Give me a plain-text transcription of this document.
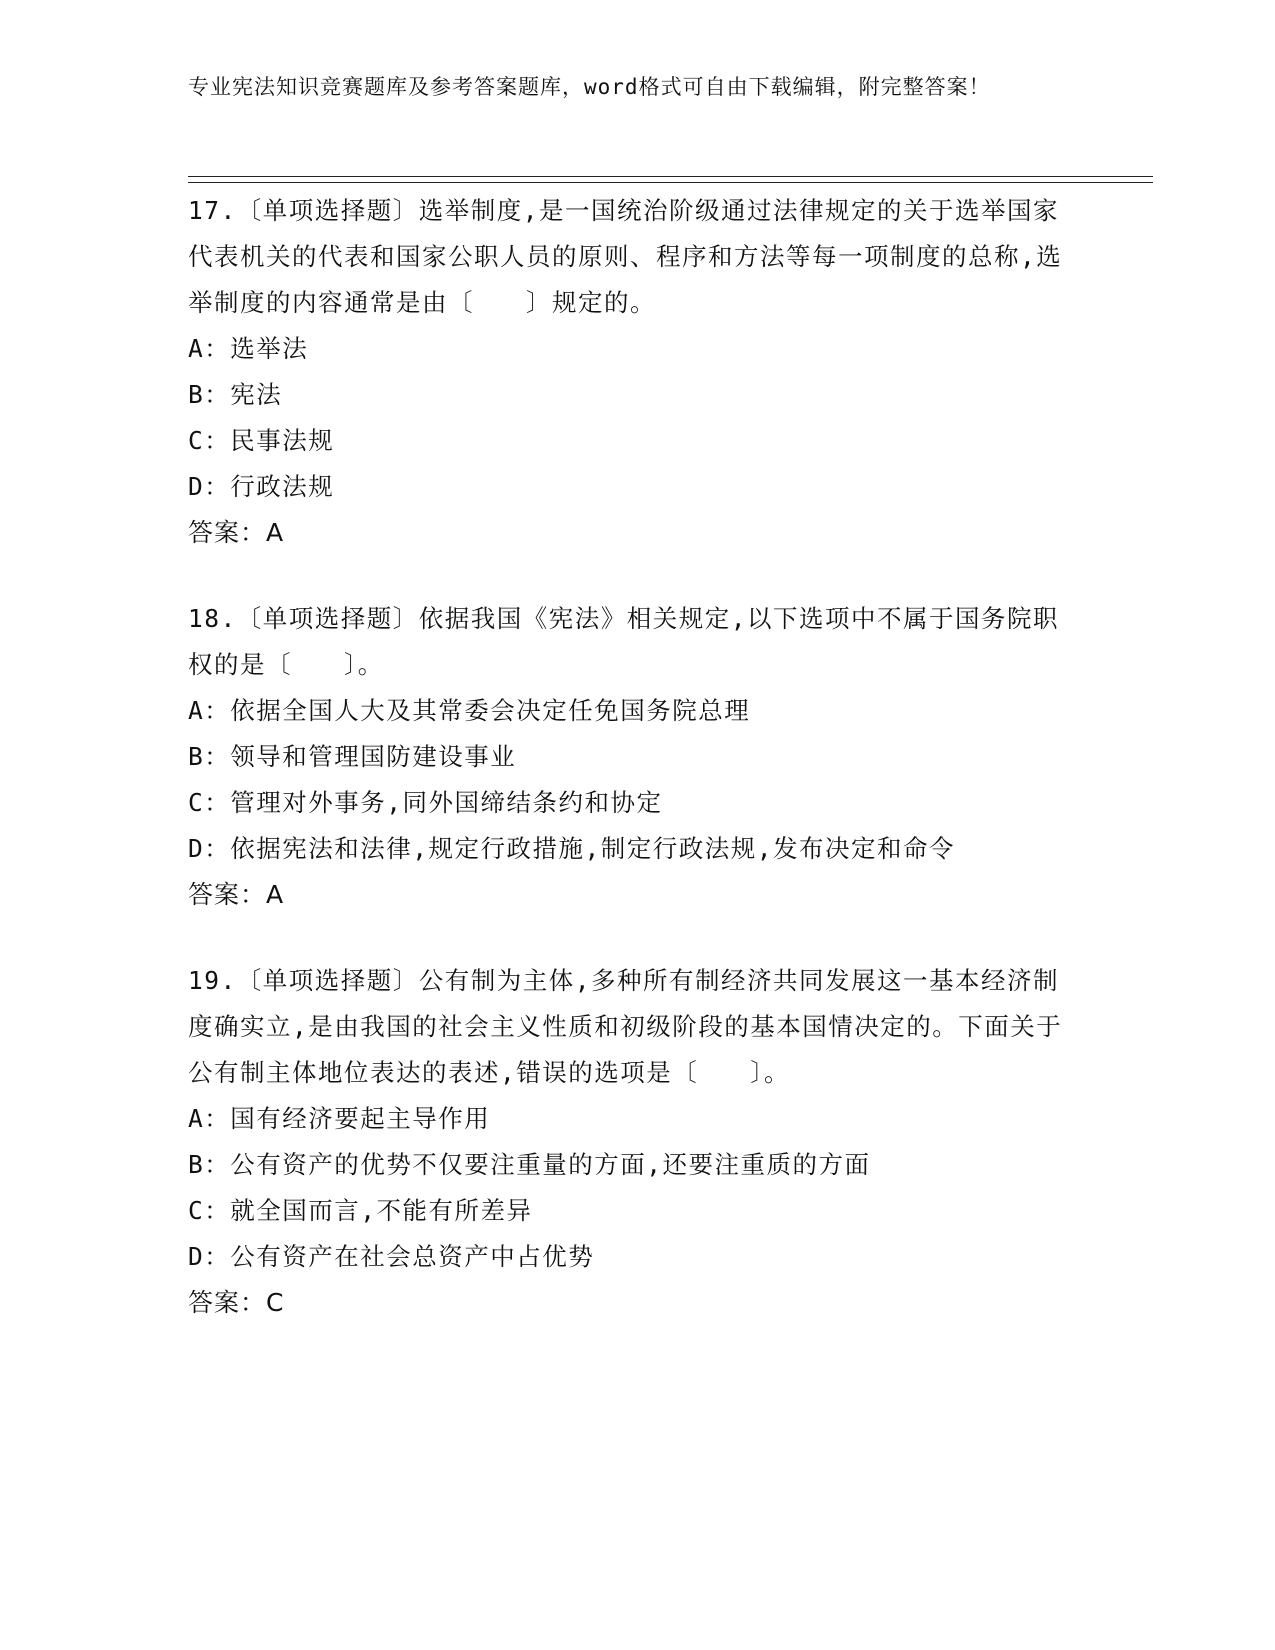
专业宪法知识竞赛题库及参考答案题库，word格式可自由下载编辑，附完整答案！

17.〔单项选择题〕选举制度,是一国统治阶级通过法律规定的关于选举国家代表机关的代表和国家公职人员的原则、程序和方法等每一项制度的总称,选举制度的内容通常是由〔　　〕规定的。

A：选举法

B：宪法

C：民事法规

D：行政法规

答案：A

18.〔单项选择题〕依据我国《宪法》相关规定,以下选项中不属于国务院职权的是〔　　〕。

A：依据全国人大及其常委会决定任免国务院总理

B：领导和管理国防建设事业

C：管理对外事务,同外国缔结条约和协定

D：依据宪法和法律,规定行政措施,制定行政法规,发布决定和命令

答案：A

19.〔单项选择题〕公有制为主体,多种所有制经济共同发展这一基本经济制度确实立,是由我国的社会主义性质和初级阶段的基本国情决定的。下面关于公有制主体地位表达的表述,错误的选项是〔　　〕。

A：国有经济要起主导作用

B：公有资产的优势不仅要注重量的方面,还要注重质的方面

C：就全国而言,不能有所差异

D：公有资产在社会总资产中占优势

答案：C
